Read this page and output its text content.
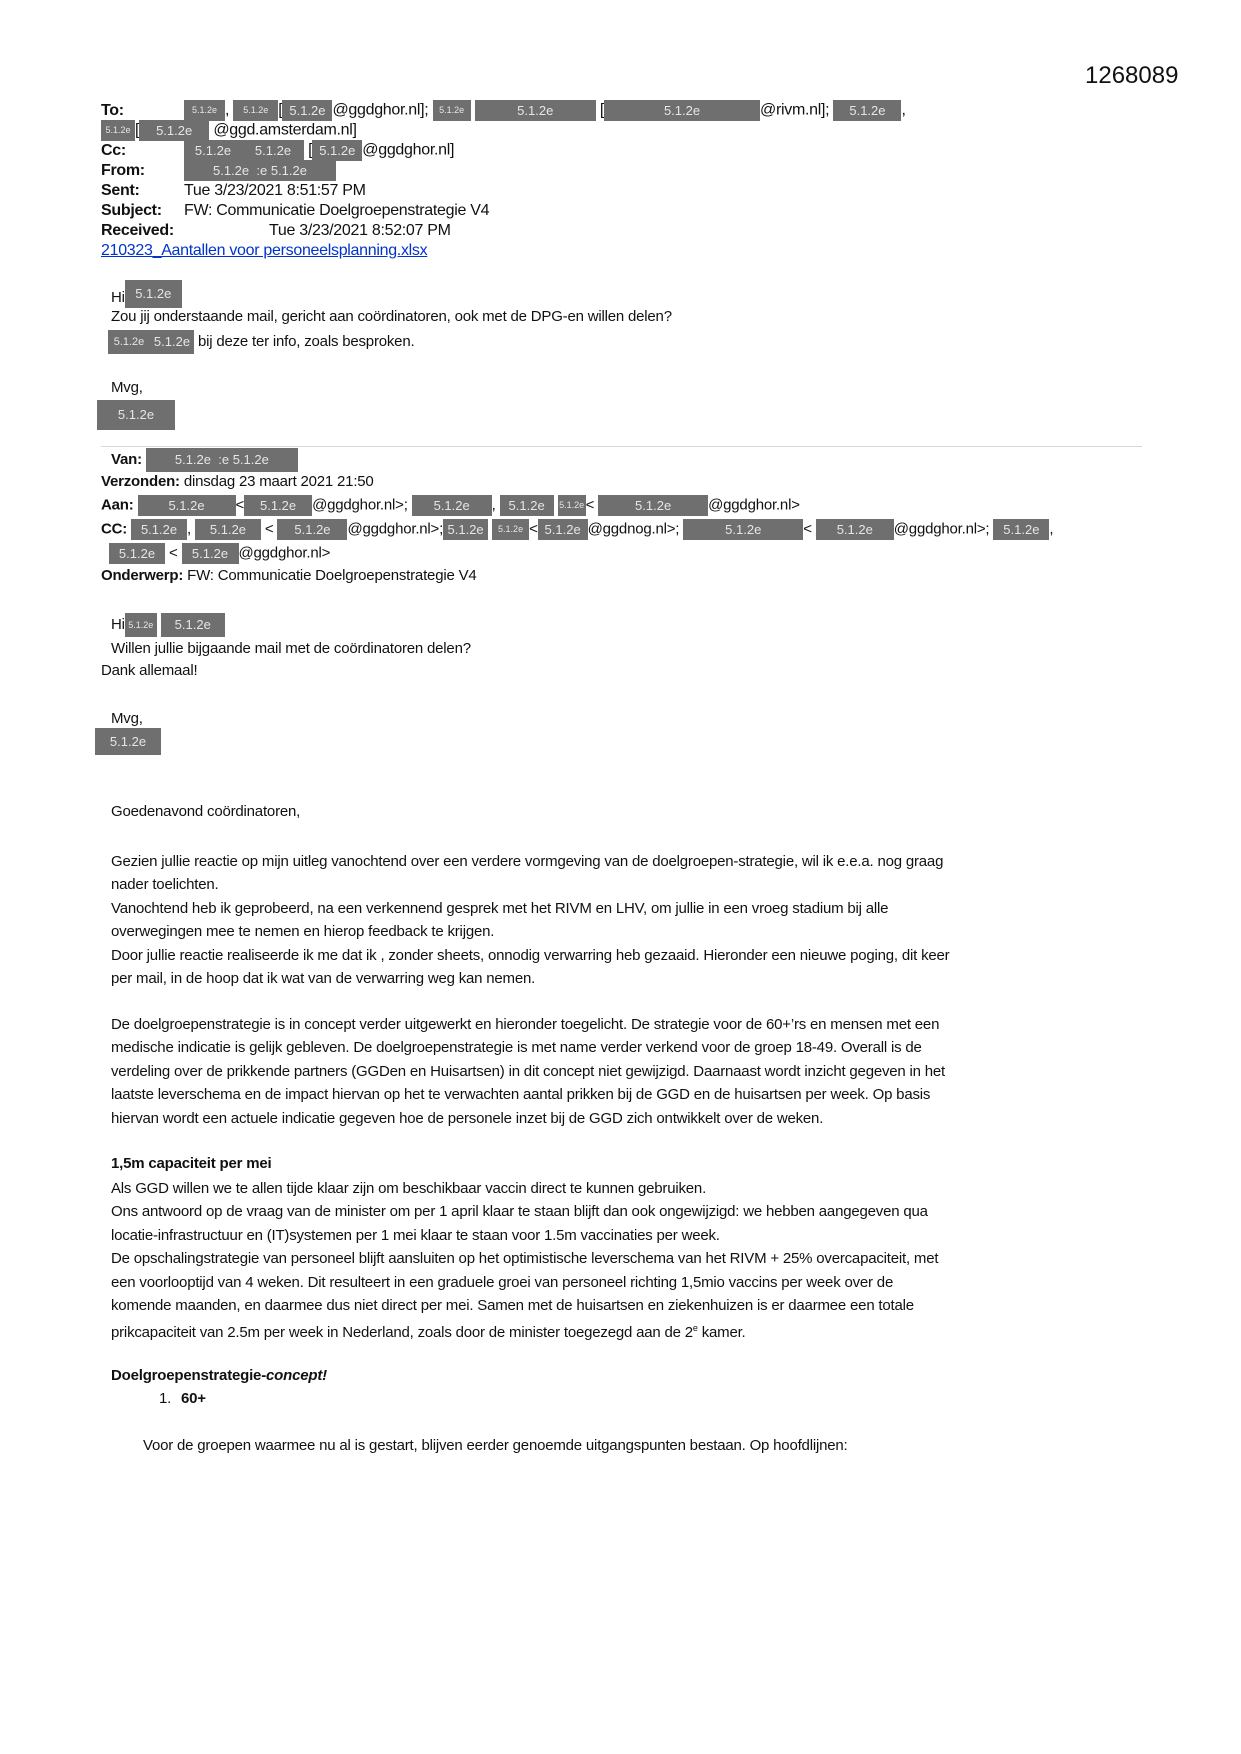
1268089
To:	5.1.2e , 5.1.2e [ 5.1.2e @ggdghor.nl]; 5.1.2e	5.1.2e	[	5.1.2e	@rivm.nl]; 5.1.2e ,
5.1.2e [ 5.1.2e @ggd.amsterdam.nl]
Cc:	5.1.2e 5.1.2e [ 5.1.2e @ggdghor.nl]
From:	5.1.2e  :e 5.1.2e
Sent:	Tue 3/23/2021 8:51:57 PM
Subject: FW: Communicatie Doelgroepenstrategie V4
Received:	Tue 3/23/2021 8:52:07 PM
210323_Aantallen voor personeelsplanning.xlsx
Hi 5.1.2e
Zou jij onderstaande mail, gericht aan coördinatoren, ook met de DPG-en willen delen?
5.1.2e 5.1.2e bij deze ter info, zoals besproken.
Mvg,
5.1.2e
Van:	5.1.2e  :e 5.1.2e
Verzonden: dinsdag 23 maart 2021 21:50
Aan:	5.1.2e < 5.1.2e @ggdghor.nl>; 5.1.2e , 5.1.2e 5.1.2e<	5.1.2e @ggdghor.nl>
CC: 5.1.2e , 5.1.2e < 5.1.2e @ggdghor.nl>; 5.1.2e 5.1.2e < 5.1.2e @ggdnog.nl>;	5.1.2e	< 5.1.2e @ggdghor.nl>; 5.1.2e ,
5.1.2e < 5.1.2e @ggdghor.nl>
Onderwerp: FW: Communicatie Doelgroepenstrategie V4
Hi 5.1.2e 5.1.2e
Willen jullie bijgaande mail met de coördinatoren delen?
Dank allemaal!
Mvg,
5.1.2e
Goedenavond coördinatoren,
Gezien jullie reactie op mijn uitleg vanochtend over een verdere vormgeving van de doelgroepen-strategie, wil ik e.e.a. nog graag
nader toelichten.
Vanochtend heb ik geprobeerd, na een verkennend gesprek met het RIVM en LHV, om jullie in een vroeg stadium bij alle
overwegingen mee te nemen en hierop feedback te krijgen.
Door jullie reactie realiseerde ik me dat ik , zonder sheets, onnodig verwarring heb gezaaid. Hieronder een nieuwe poging, dit keer
per mail, in de hoop dat ik wat van de verwarring weg kan nemen.
De doelgroepenstrategie is in concept verder uitgewerkt en hieronder toegelicht. De strategie voor de 60+’rs en mensen met een
medische indicatie is gelijk gebleven. De doelgroepenstrategie is met name verder verkend voor de groep 18-49. Overall is de
verdeling over de prikkende partners (GGDen en Huisartsen) in dit concept niet gewijzigd. Daarnaast wordt inzicht gegeven in het
laatste leverschema en de impact hiervan op het te verwachten aantal prikken bij de GGD en de huisartsen per week. Op basis
hiervan wordt een actuele indicatie gegeven hoe de personele inzet bij de GGD zich ontwikkelt over de weken.
1,5m capaciteit per mei
Als GGD willen we te allen tijde klaar zijn om beschikbaar vaccin direct te kunnen gebruiken.
Ons antwoord op de vraag van de minister om per 1 april klaar te staan blijft dan ook ongewijzigd: we hebben aangegeven qua
locatie-infrastructuur en (IT)systemen per 1 mei klaar te staan voor 1.5m vaccinaties per week.
De opschalingstrategie van personeel blijft aansluiten op het optimistische leverschema van het RIVM + 25% overcapaciteit, met
een voorlooptijd van 4 weken. Dit resulteert in een graduele groei van personeel richting 1,5mio vaccins per week over de
komende maanden, en daarmee dus niet direct per mei. Samen met de huisartsen en ziekenhuizen is er daarmee een totale
prikcapaciteit van 2.5m per week in Nederland, zoals door de minister toegezegd aan de 2e kamer.
Doelgroepenstrategie-concept!
1. 60+
Voor de groepen waarmee nu al is gestart, blijven eerder genoemde uitgangspunten bestaan. Op hoofdlijnen:
